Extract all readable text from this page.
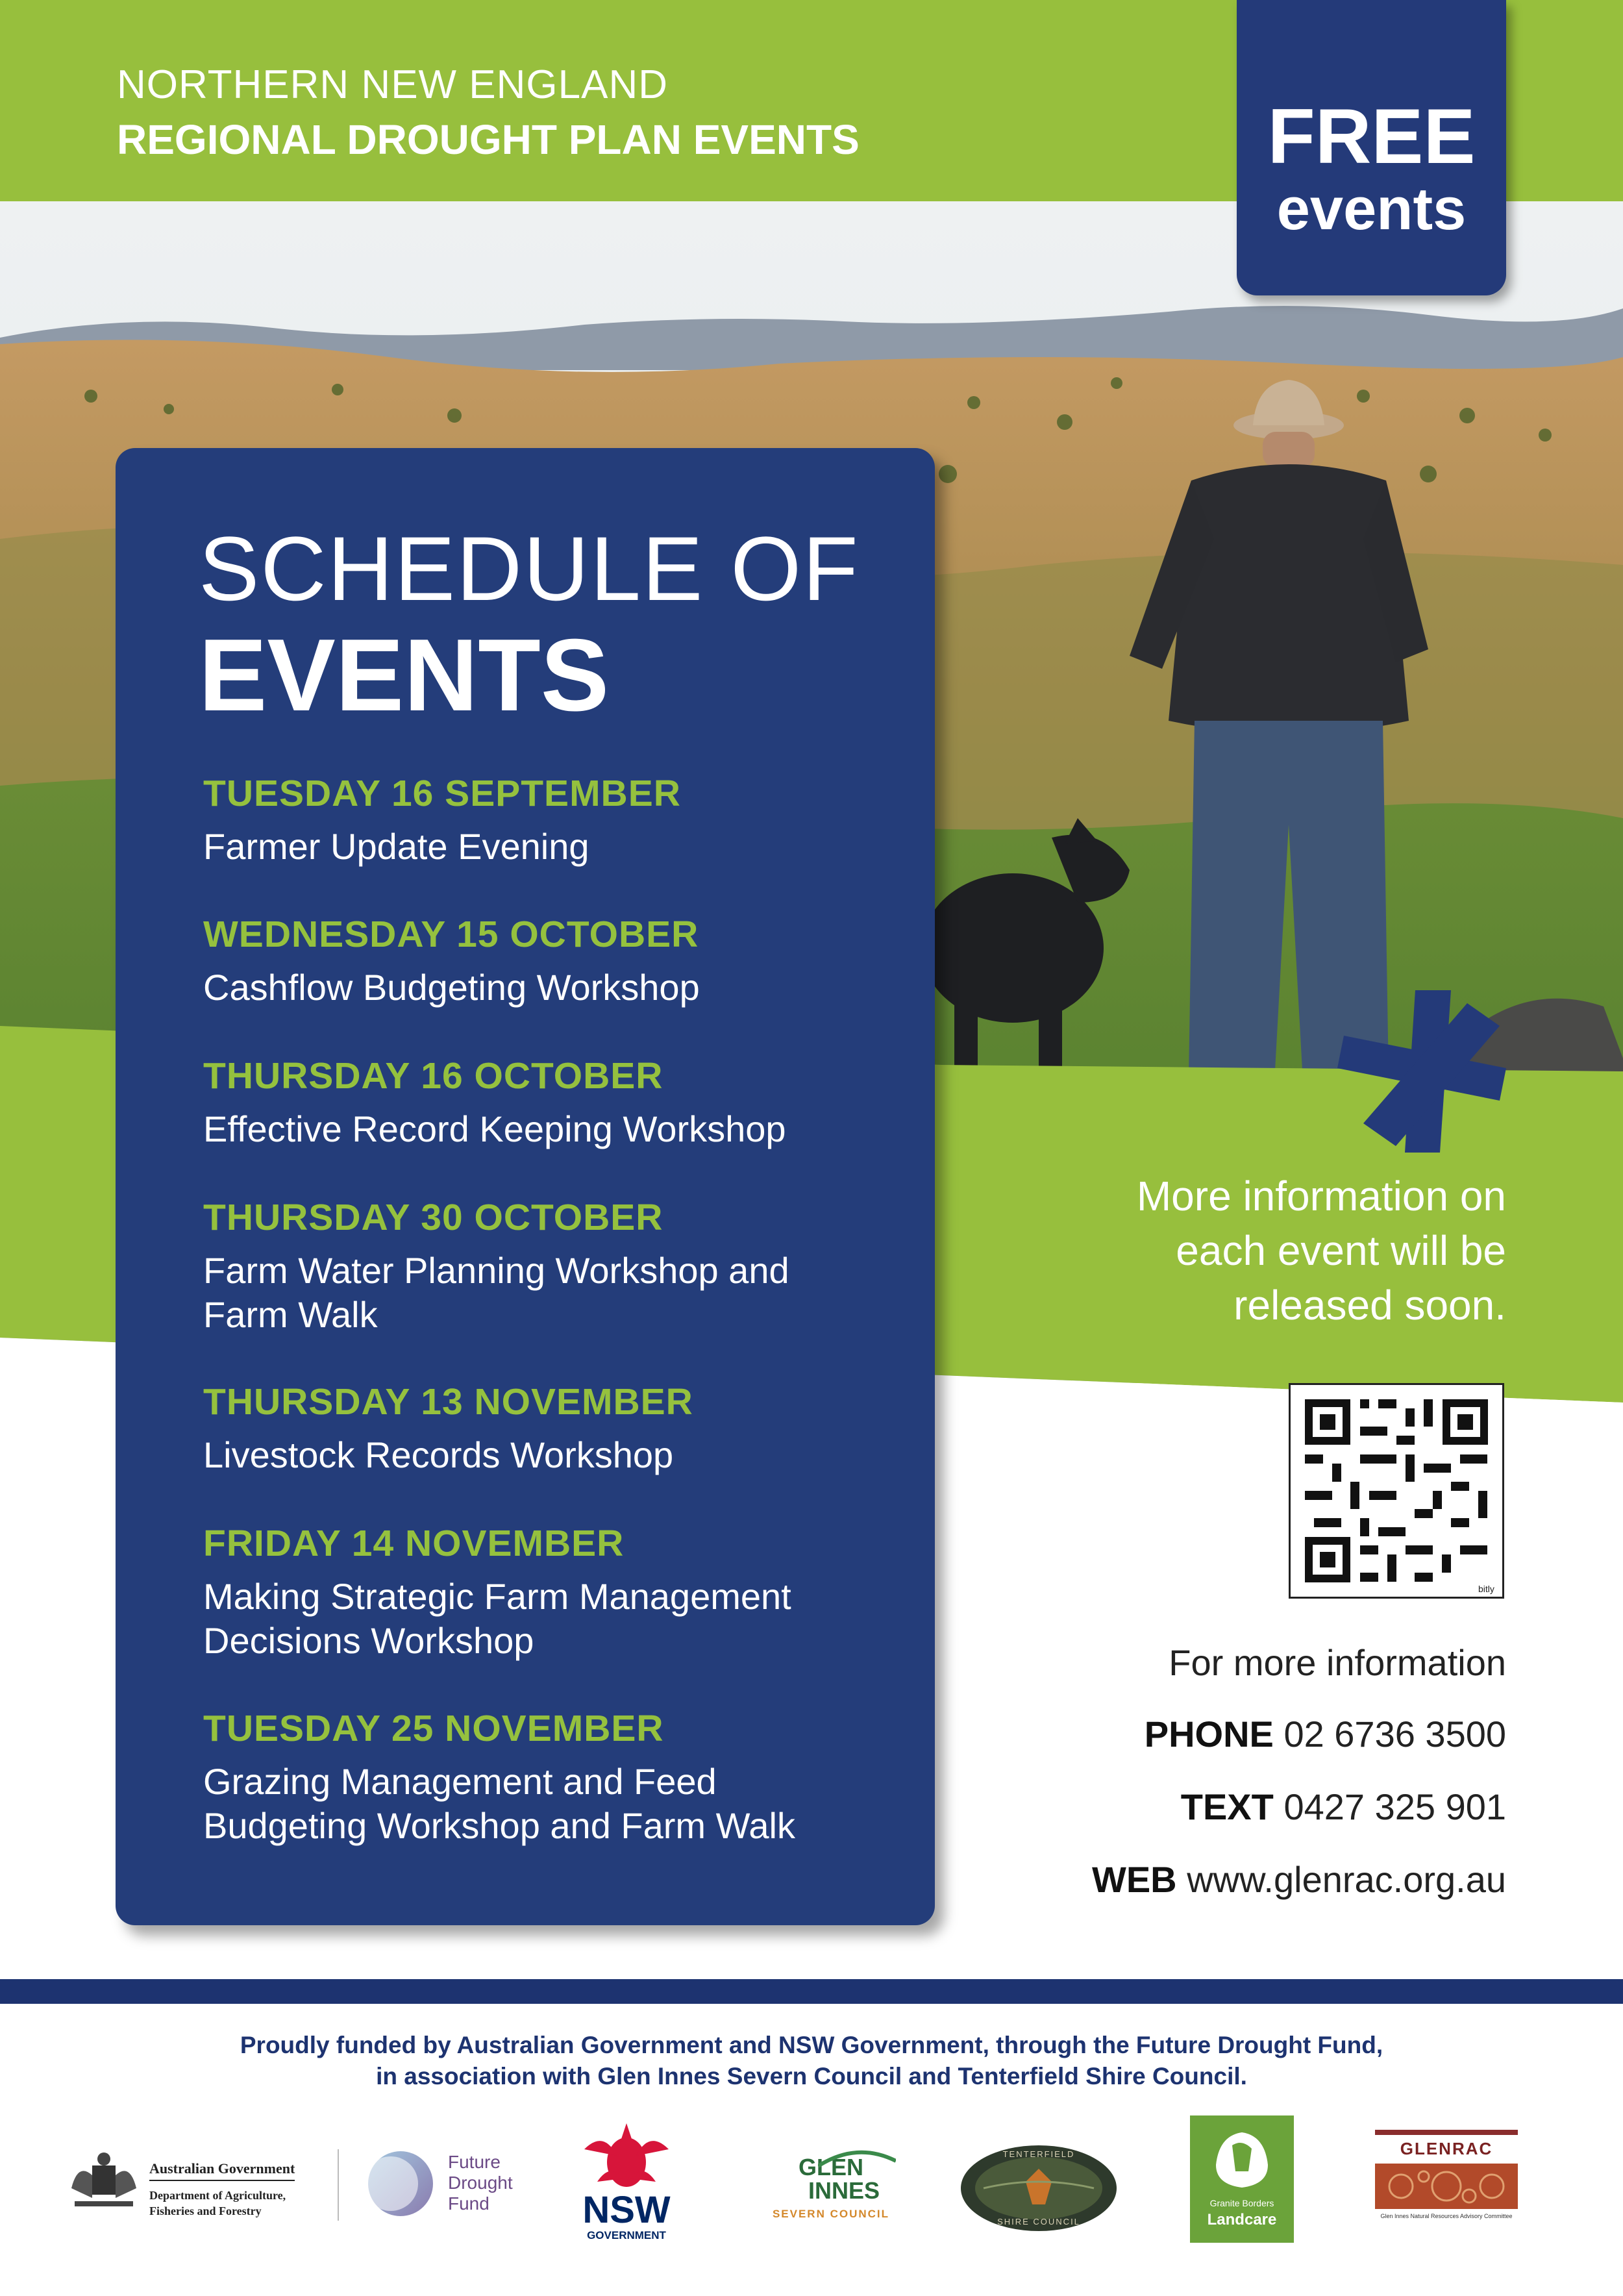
NORTHERN NEW ENGLAND
REGIONAL DROUGHT PLAN EVENTS	FREE
events
SCHEDULE OF
EVENTS
TUESDAY 16 SEPTEMBER
Farmer Update Evening
WEDNESDAY 15 OCTOBER
Cashflow Budgeting Workshop
THURSDAY 16 OCTOBER
Effective Record Keeping Workshop
THURSDAY 30 OCTOBER
Farm Water Planning Workshop and
Farm Walk
THURSDAY 13 NOVEMBER
Livestock Records Workshop
FRIDAY 14 NOVEMBER
Making Strategic Farm Management
Decisions Workshop
TUESDAY 25 NOVEMBER
Grazing Management and Feed
Budgeting Workshop and Farm Walk
More information on
each event will be
released soon.
bitly
For more information
PHONE 02 6736 3500
TEXT 0427 325 901
WEB www.glenrac.org.au
Proudly funded by Australian Government and NSW Government, through the Future Drought Fund,
in association with Glen Innes Severn Council and Tenterfield Shire Council.
Australian Government
Department of Agriculture,
Fisheries and Forestry
Future
Drought
Fund	NSW
GOVERNMENT
GLEN
INNES
SEVERN COUNCIL
TENTERFIELD
SHIRE COUNCIL
Granite Borders
Landcare
GLENRAC
Glen Innes Natural Resources Advisory Committee
